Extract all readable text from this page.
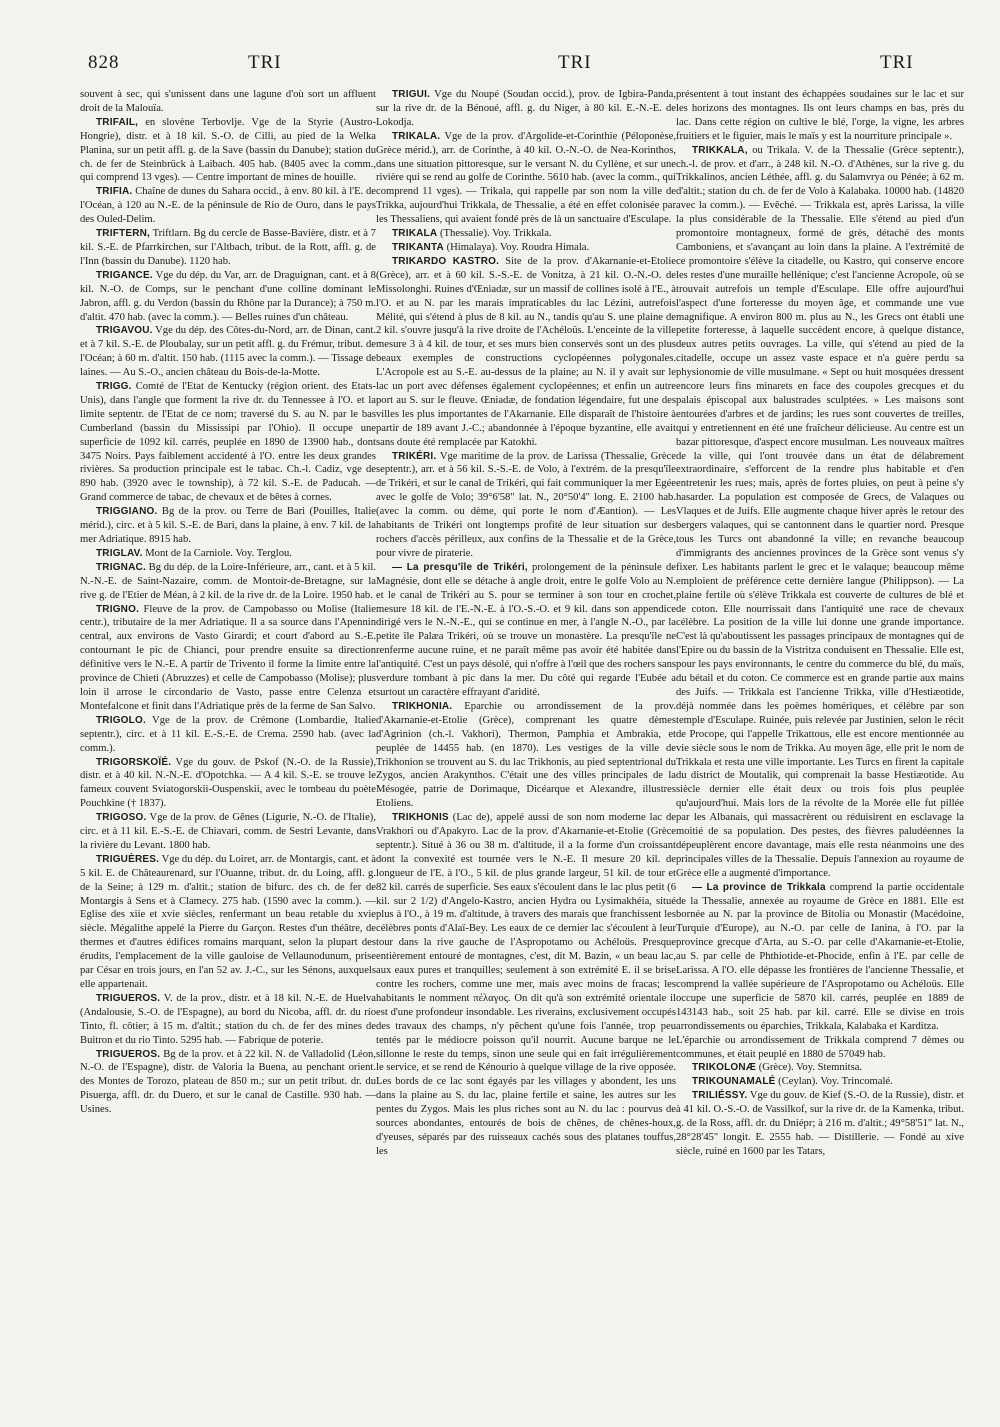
828	TRI	TRI	TRI

souvent à sec, qui s'unissent dans une lagune d'où sort un affluent droit de la Malouïa.

TRIFAIL, en slovène Terbovlje. Vge de la Styrie (Austro-Hongrie), distr. et à 18 kil. S.-O. de Cilli, au pied de la Welka Planina, sur un petit affl. g. de la Save (bassin du Danube); station du ch. de fer de Steinbrück à Laibach. 405 hab. (8405 avec la comm., qui comprend 13 vges). — Centre important de mines de houille.

TRIFIA. Chaîne de dunes du Sahara occid., à env. 80 kil. à l'E. de l'Océan, à 120 au N.-E. de la péninsule de Rio de Ouro, dans le pays des Ouled-Delim.

TRIFTERN, Triftlarn. Bg du cercle de Basse-Bavière, distr. et à 7 kil. S.-E. de Pfarrkirchen, sur l'Altbach, tribut. de la Rott, affl. g. de l'Inn (bassin du Danube). 1120 hab.

TRIGANCE. Vge du dép. du Var, arr. de Draguignan, cant. et à 8 kil. N.-O. de Comps, sur le penchant d'une colline dominant le Jabron, affl. g. du Verdon (bassin du Rhône par la Durance); à 750 m. d'altit. 470 hab. (avec la comm.). — Belles ruines d'un château.

TRIGAVOU. Vge du dép. des Côtes-du-Nord, arr. de Dinan, cant. et à 7 kil. S.-E. de Ploubalay, sur un petit affl. g. du Frémur, tribut. de l'Océan; à 60 m. d'altit. 150 hab. (1115 avec la comm.). — Tissage de laines. — Au S.-O., ancien château du Bois-de-la-Motte.

TRIGG. Comté de l'Etat de Kentucky (région orient. des Etats-Unis), dans l'angle que forment la rive dr. du Tennessee à l'O. et la limite septentr. de l'Etat de ce nom; traversé du S. au N. par le bas Cumberland (bassin du Mississipi par l'Ohio). Il occupe une superficie de 1092 kil. carrés, peuplée en 1890 de 13900 hab., dont 3475 Noirs. Pays faiblement accidenté à l'O. entre les deux grandes rivières. Sa production principale est le tabac. Ch.-l. Cadiz, vge de 890 hab. (3920 avec le township), à 72 kil. S.-E. de Paducah. — Grand commerce de tabac, de chevaux et de bêtes à cornes.

TRIGGIANO. Bg de la prov. ou Terre de Bari (Pouilles, Italie mérid.), circ. et à 5 kil. S.-E. de Bari, dans la plaine, à env. 7 kil. de la mer Adriatique. 8915 hab.

TRIGLAV. Mont de la Carniole. Voy. Terglou.

TRIGNAC. Bg du dép. de la Loire-Inférieure, arr., cant. et à 5 kil. N.-N.-E. de Saint-Nazaire, comm. de Montoir-de-Bretagne, sur la rive g. de l'Etier de Méan, à 2 kil. de la rive dr. de la Loire. 1950 hab.

TRIGNO. Fleuve de la prov. de Campobasso ou Molise (Italie centr.), tributaire de la mer Adriatique. Il a sa source dans l'Apennin central, aux environs de Vasto Girardi; et court d'abord au S.-E. contournant le pic de Chianci, pour prendre ensuite sa direction définitive vers le N.-E. A partir de Trivento il forme la limite entre la province de Chieti (Abruzzes) et celle de Campobasso (Molise); plus loin il arrose le circondario de Vasto, passe entre Celenza et Montefalcone et finit dans l'Adriatique près de la ferme de San Salvo.

TRIGOLO. Vge de la prov. de Crémone (Lombardie, Italie septentr.), circ. et à 11 kil. E.-S.-E. de Crema. 2590 hab. (avec la comm.).

TRIGORSKOÏÉ. Vge du gouv. de Pskof (N.-O. de la Russie), distr. et à 40 kil. N.-N.-E. d'Opotchka. — A 4 kil. S.-E. se trouve le fameux couvent Sviatogorskii-Ouspenskii, avec le tombeau du poète Pouchkine († 1837).

TRIGOSO. Vge de la prov. de Gênes (Ligurie, N.-O. de l'Italie), circ. et à 11 kil. E.-S.-E. de Chiavari, comm. de Sestri Levante, dans la rivière du Levant. 1800 hab.

TRIGUÈRES. Vge du dép. du Loiret, arr. de Montargis, cant. et à 5 kil. E. de Châteaurenard, sur l'Ouanne, tribut. dr. du Loing, affl. g. de la Seine; à 129 m. d'altit.; station de bifurc. des ch. de fer de Montargis à Sens et à Clamecy. 275 hab. (1590 avec la comm.). — Eglise des xiie et xvie siècles, renfermant un beau retable du xvie siècle. Mégalithe appelé la Pierre du Garçon. Restes d'un théâtre, de thermes et d'autres édifices romains marquant, selon la plupart des érudits, l'emplacement de la ville gauloise de Vellaunodunum, prise par César en trois jours, en l'an 52 av. J.-C., sur les Sénons, auxquels elle appartenait.

TRIGUEROS. V. de la prov., distr. et à 18 kil. N.-E. de Huelva (Andalousie, S.-O. de l'Espagne), au bord du Nicoba, affl. dr. du río Tinto, fl. côtier; à 15 m. d'altit.; station du ch. de fer des mines de Buitron et du rio Tinto. 5295 hab. — Fabrique de poterie.

TRIGUEROS. Bg de la prov. et à 22 kil. N. de Valladolid (Léon, N.-O. de l'Espagne), distr. de Valoria la Buena, au penchant orient. des Montes de Torozo, plateau de 850 m.; sur un petit tribut. dr. du Pisuerga, affl. dr. du Duero, et sur le canal de Castille. 930 hab. — Usines.

TRIGUI. Vge du Noupé (Soudan occid.), prov. de Igbira-Panda, sur la rive dr. de la Bénoué, affl. g. du Niger, à 80 kil. E.-N.-E. de Lokodja.

TRIKALA. Vge de la prov. d'Argolide-et-Corinthie (Péloponèse, Grèce mérid.), arr. de Corinthe, à 40 kil. O.-N.-O. de Nea-Korinthos, dans une situation pittoresque, sur le versant N. du Cyllène, et sur une rivière qui se rend au golfe de Corinthe. 5610 hab. (avec la comm., qui comprend 11 vges). — Trikala, qui rappelle par son nom la ville de Trikka, aujourd'hui Trikkala, de Thessalie, a été en effet colonisée par les Thessaliens, qui avaient fondé près de là un sanctuaire d'Esculape.

TRIKALA (Thessalie). Voy. Trikkala.

TRIKANTA (Himalaya). Voy. Roudra Himala.

TRIKARDO KASTRO. Site de la prov. d'Akarnanie-et-Etolie (Grèce), arr. et à 60 kil. S.-S.-E. de Vonitza, à 21 kil. O.-N.-O. de Missolonghi. Ruines d'Œniadæ, sur un massif de collines isolé à l'E., à l'O. et au N. par les marais impraticables du lac Lézini, autrefois Mélité, qui s'étend à plus de 8 kil. au N., tandis qu'au S. une plaine de 2 kil. s'ouvre jusqu'à la rive droite de l'Achéloüs. L'enceinte de la ville mesure 3 à 4 kil. de tour, et ses murs bien conservés sont un des plus beaux exemples de constructions cyclopéennes polygonales. L'Acropole est au S.-E. au-dessus de la plaine; au N. il y avait sur le lac un port avec défenses également cyclopéennes; et enfin un autre port au S. sur le fleuve. Œniadæ, de fondation légendaire, fut une des villes les plus importantes de l'Akarnanie. Elle disparaît de l'histoire à partir de 189 avant J.-C.; abandonnée à l'époque byzantine, elle avait sans doute été remplacée par Katokhi.

TRIKÉRI. Vge maritime de la prov. de Larissa (Thessalie, Grèce septentr.), arr. et à 56 kil. S.-S.-E. de Volo, à l'extrém. de la presqu'île de Trikéri, et sur le canal de Trikéri, qui fait communiquer la mer Egée avec le golfe de Volo; 39°6'58" lat. N., 20°50'4" long. E. 2100 hab. (avec la comm. ou dème, qui porte le nom d'Æantion). — Les habitants de Trikéri ont longtemps profité de leur situation sur des rochers d'accès périlleux, aux confins de la Thessalie et de la Grèce, pour vivre de piraterie.

— La presqu'île de Trikéri, prolongement de la péninsule de Magnésie, dont elle se détache à angle droit, entre le golfe Volo au N. et le canal de Trikéri au S. pour se terminer à son tour en crochet, mesure 18 kil. de l'E.-N.-E. à l'O.-S.-O. et 9 kil. dans son appendice dirigé vers le N.-N.-E., qui se continue en mer, à l'angle N.-O., par la petite île Palæa Trikéri, où se trouve un monastère. La presqu'île ne renferme aucune ruine, et ne paraît même pas avoir été habitée dans l'antiquité. C'est un pays désolé, qui n'offre à l'œil que des rochers sans verdure tombant à pic dans la mer. Du côté qui regarde l'Eubée a surtout un caractère effrayant d'aridité.

TRIKHONIA. Eparchie ou arrondissement de la prov. d'Akarnanie-et-Etolie (Grèce), comprenant les quatre dèmes d'Agrinion (ch.-l. Vakhori), Thermon, Pamphia et Ambrakia, et peuplée de 14455 hab. (en 1870). Les vestiges de la ville de Trikhonion se trouvent au S. du lac Trikhonis, au pied septentrional du Zygos, ancien Arakynthos. C'était une des villes principales de la Mésogée, patrie de Dorimaque, Dicéarque et Alexandre, illustres Etoliens.

TRIKHONIS (Lac de), appelé aussi de son nom moderne lac de Vrakhori ou d'Apakyro. Lac de la prov. d'Akarnanie-et-Etolie (Grèce septentr.). Situé à 36 ou 38 m. d'altitude, il a la forme d'un croissant dont la convexité est tournée vers le N.-E. Il mesure 20 kil. de longueur de l'E. à l'O., 5 kil. de plus grande largeur, 51 kil. de tour et 82 kil. carrés de superficie. Ses eaux s'écoulent dans le lac plus petit (6 kil. sur 2 1/2) d'Angelo-Kastro, ancien Hydra ou Lysimakhéia, situé plus à l'O., à 19 m. d'altitude, à travers des marais que franchissent les célèbres ponts d'Alaï-Bey. Les eaux de ce dernier lac s'écoulent à leur tour dans la rive gauche de l'Aspropotamo ou Achéloüs. Presque entièrement entouré de montagnes, c'est, dit M. Bazin, « un beau lac, aux eaux pures et tranquilles; seulement à son extrémité E. il se brise contre les rochers, comme une mer, mais avec moins de fracas; les habitants le nomment πέλαγος. On dit qu'à son extrémité orientale il est d'une profondeur insondable. Les riverains, exclusivement occupés des travaux des champs, n'y pêchent qu'une fois l'année, trop peu tentés par le médiocre poisson qu'il nourrit. Aucune barque ne le sillonne le reste du temps, sinon une seule qui en fait irrégulièrement le service, et se rend de Kénourio à quelque village de la rive opposée. Les bords de ce lac sont égayés par les villages y abondent, les uns dans la plaine au S. du lac, plaine fertile et saine, les autres sur les pentes du Zygos. Mais les plus riches sont au N. du lac : pourvus de sources abondantes, entourés de bois de chênes, de chênes-houx, d'yeuses, séparés par des ruisseaux cachés sous des platanes touffus, les

présentent à tout instant des échappées soudaines sur le lac et sur les horizons des montagnes. Ils ont leurs champs en bas, près du lac. Dans cette région on cultive le blé, l'orge, la vigne, les arbres fruitiers et le figuier, mais le maïs y est la nourriture principale ».

TRIKKALA, ou Trikala. V. de la Thessalie (Grèce septentr.), ch.-l. de prov. et d'arr., à 248 kil. N.-O. d'Athènes, sur la rive g. du Trikkalinos, ancien Léthée, affl. g. du Salamvrya ou Pénée; à 62 m. d'altit.; station du ch. de fer de Volo à Kalabaka. 10000 hab. (14820 avec la comm.). — Evêché. — Trikkala est, après Larissa, la ville la plus considérable de la Thessalie. Elle s'étend au pied d'un promontoire montagneux, formé de grès, détaché des monts Camboniens, et s'avançant au loin dans la plaine. A l'extrémité de ce promontoire s'élève la citadelle, ou Kastro, qui conserve encore les restes d'une muraille hellénique; c'est l'ancienne Acropole, où se trouvait autrefois un temple d'Esculape. Elle offre aujourd'hui l'aspect d'une forteresse du moyen âge, et commande une vue magnifique. A environ 800 m. plus au N., les Grecs ont établi une petite forteresse, à laquelle succèdent encore, à quelque distance, deux autres petits ouvrages. La ville, qui s'étend au pied de la citadelle, occupe un assez vaste espace et n'a guère perdu sa physionomie de ville musulmane. « Sept ou huit mosquées dressent encore leurs fins minarets en face des coupoles grecques et du palais épiscopal aux balustrades sculptées. » Les maisons sont entourées d'arbres et de jardins; les rues sont couvertes de treilles, qui y entretiennent en été une fraîcheur délicieuse. Au centre est un bazar pittoresque, d'aspect encore musulman. Les nouveaux maîtres de la ville, qui l'ont trouvée dans un état de délabrement extraordinaire, s'efforcent de la rendre plus habitable et d'en entretenir les rues; mais, après de fortes pluies, on peut à peine s'y hasarder. La population est composée de Grecs, de Valaques ou Vlaques et de Juifs. Elle augmente chaque hiver après le retour des bergers valaques, qui se cantonnent dans le quartier nord. Presque tous les Turcs ont abandonné la ville; en revanche beaucoup d'immigrants des anciennes provinces de la Grèce sont venus s'y fixer. Les habitants parlent le grec et le valaque; beaucoup même emploient de préférence cette dernière langue (Philippson). — La plaine fertile où s'élève Trikkala est couverte de cultures de blé et de coton. Elle nourrissait dans l'antiquité une race de chevaux célèbre. La position de la ville lui donne une grande importance. C'est là qu'aboutissent les passages principaux de montagnes qui de l'Epire ou du bassin de la Vistritza conduisent en Thessalie. Elle est, pour les pays environnants, le centre du commerce du blé, du maïs, du bétail et du coton. Ce commerce est en grande partie aux mains des Juifs. — Trikkala est l'ancienne Trikka, ville d'Hestiæotide, déjà nommée dans les poèmes homériques, et célèbre par son temple d'Esculape. Ruinée, puis relevée par Justinien, selon le récit de Procope, qui l'appelle Trikattous, elle est encore mentionnée au vie siècle sous le nom de Trikka. Au moyen âge, elle prit le nom de Trikkala et resta une ville importante. Les Turcs en firent la capitale du district de Moutalik, qui comprenait la basse Hestiæotide. Au siècle dernier elle était deux ou trois fois plus peuplée qu'aujourd'hui. Mais lors de la révolte de la Morée elle fut pillée par les Albanais, qui massacrèrent ou réduisirent en esclavage la moitié de sa population. Des pestes, des fièvres paludéennes la dépeuplèrent encore davantage, mais elle resta néanmoins une des principales villes de la Thessalie. Depuis l'annexion au royaume de Grèce elle a augmenté d'importance.

— La province de Trikkala comprend la partie occidentale de la Thessalie, annexée au royaume de Grèce en 1881. Elle est bornée au N. par la province de Bitolia ou Monastir (Macédoine, Turquie d'Europe), au N.-O. par celle de Ianina, à l'O. par la province grecque d'Arta, au S.-O. par celle d'Akarnanie-et-Etolie, au S. par celle de Phthiotide-et-Phocide, enfin à l'E. par celle de Larissa. A l'O. elle dépasse les frontières de l'ancienne Thessalie, et comprend la vallée supérieure de l'Aspropotamo ou Achéloüs. Elle occupe une superficie de 5870 kil. carrés, peuplée en 1889 de 143143 hab., soit 25 hab. par kil. carré. Elle se divise en trois arrondissements ou éparchies, Trikkala, Kalabaka et Karditza.

L'éparchie ou arrondissement de Trikkala comprend 7 dèmes ou communes, et était peuplé en 1880 de 57049 hab.

TRIKOLONÆ (Grèce). Voy. Stemnitsa.

TRIKOUNAMALÉ (Ceylan). Voy. Trincomalé.

TRILIÉSSY. Vge du gouv. de Kief (S.-O. de la Russie), distr. et à 41 kil. O.-S.-O. de Vassilkof, sur la rive dr. de la Kamenka, tribut. g. de la Ross, affl. dr. du Dniépr; à 216 m. d'altit.; 49°58'51" lat. N., 28°28'45" longit. E. 2555 hab. — Distillerie. — Fondé au xive siècle, ruiné en 1600 par les Tatars,
